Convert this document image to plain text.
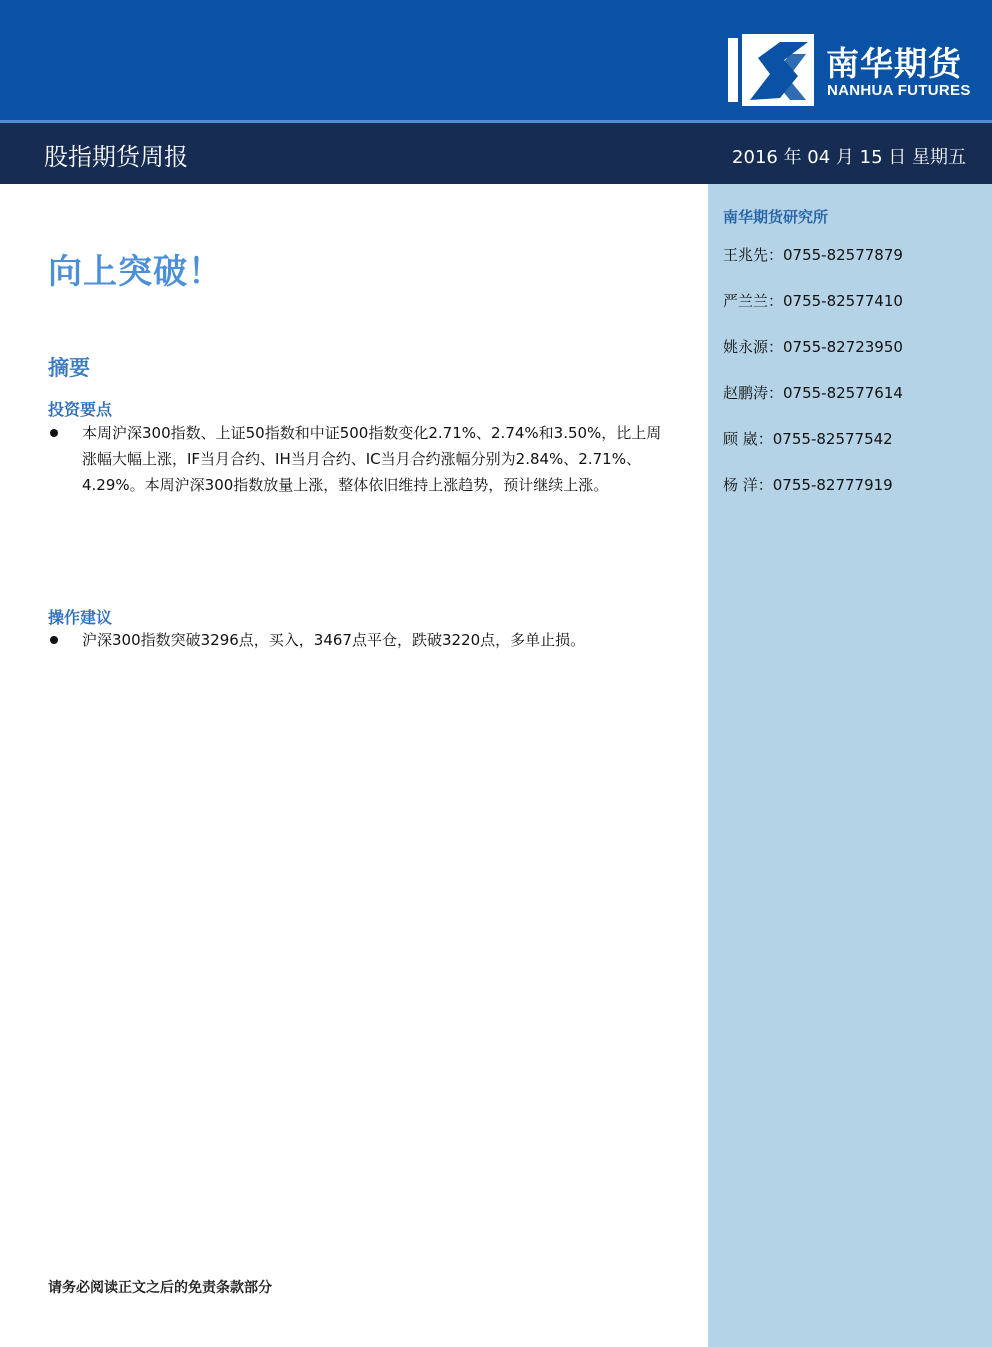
南华期货
NANHUA FUTURES
股指期货周报	2016 年 04 月 15 日 星期五
南华期货研究所
王兆先：0755-82577879
严兰兰：0755-82577410
姚永源：0755-82723950
赵鹏涛：0755-82577614
顾 崴：0755-82577542
杨 洋：0755-82777919
向上突破！
摘要
投资要点
本周沪深300指数、上证50指数和中证500指数变化2.71%、2.74%和3.50%，比上周涨幅大幅上涨，IF当月合约、IH当月合约、IC当月合约涨幅分别为2.84%、2.71%、4.29%。本周沪深300指数放量上涨，整体依旧维持上涨趋势，预计继续上涨。
操作建议
沪深300指数突破3296点，买入，3467点平仓，跌破3220点，多单止损。
请务必阅读正文之后的免责条款部分
